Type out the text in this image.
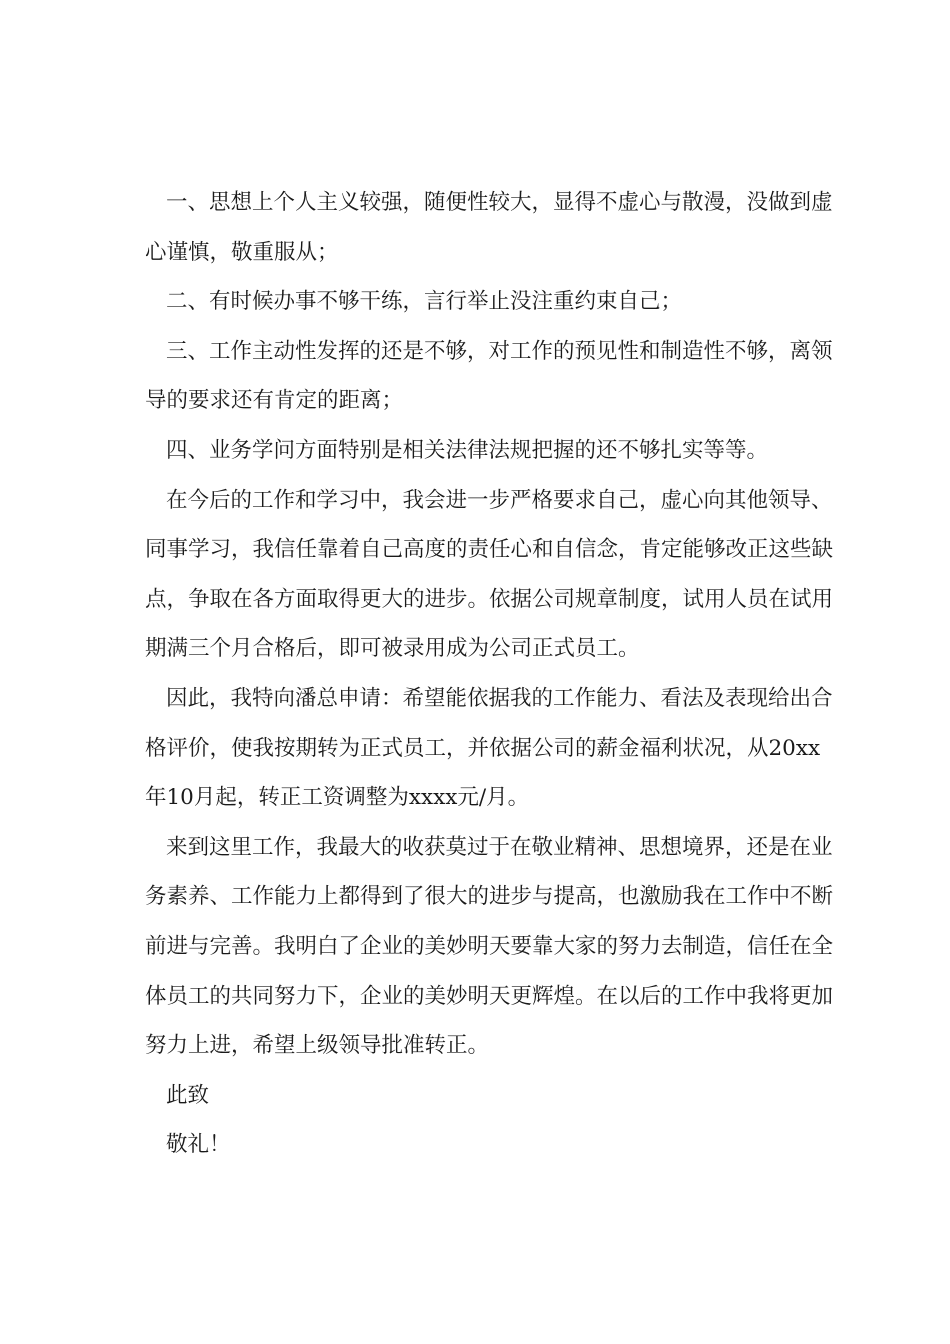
一、思想上个人主义较强，随便性较大，显得不虚心与散漫，没做到虚心谨慎，敬重服从；

二、有时候办事不够干练，言行举止没注重约束自己；

三、工作主动性发挥的还是不够，对工作的预见性和制造性不够，离领导的要求还有肯定的距离；

四、业务学问方面特别是相关法律法规把握的还不够扎实等等。

在今后的工作和学习中，我会进一步严格要求自己，虚心向其他领导、同事学习，我信任靠着自己高度的责任心和自信念，肯定能够改正这些缺点，争取在各方面取得更大的进步。依据公司规章制度，试用人员在试用期满三个月合格后，即可被录用成为公司正式员工。

因此，我特向潘总申请：希望能依据我的工作能力、看法及表现给出合格评价，使我按期转为正式员工，并依据公司的薪金福利状况，从20xx年10月起，转正工资调整为xxxx元/月。

来到这里工作，我最大的收获莫过于在敬业精神、思想境界，还是在业务素养、工作能力上都得到了很大的进步与提高，也激励我在工作中不断前进与完善。我明白了企业的美妙明天要靠大家的努力去制造，信任在全体员工的共同努力下，企业的美妙明天更辉煌。在以后的工作中我将更加努力上进，希望上级领导批准转正。

此致

敬礼！
